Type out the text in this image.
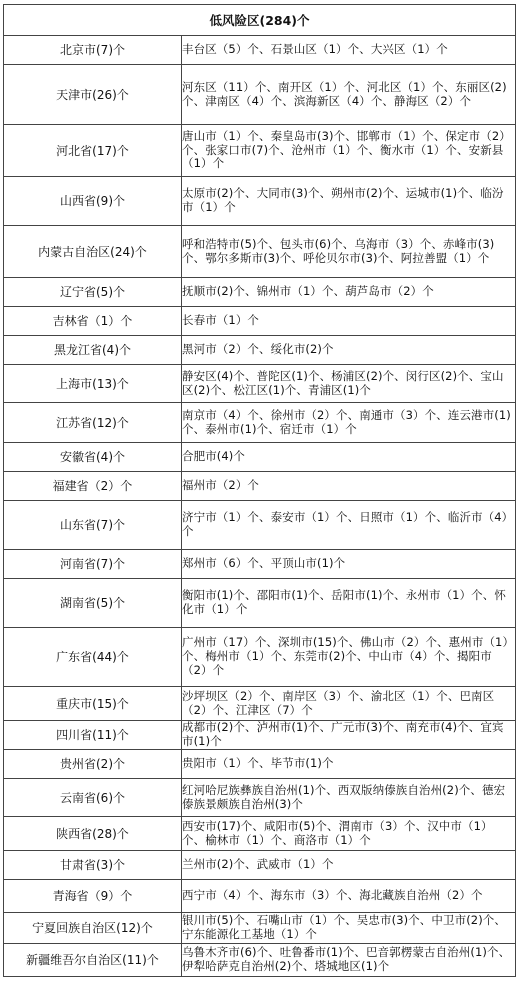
低风险区(284)个	
北京市(7)个	丰台区（5）个、石景山区（1）个、大兴区（1）个
天津市(26)个	河东区（11）个、南开区（1）个、河北区（1）个、东丽区(2)个、津南区（4）个、滨海新区（4）个、静海区（2）个
河北省(17)个	唐山市（1）个、秦皇岛市(3)个、邯郸市（1）个、保定市（2）个、张家口市(7)个、沧州市（1）个、衡水市（1）个、安新县（1）个
山西省(9)个	太原市(2)个、大同市(3)个、朔州市(2)个、运城市(1)个、临汾市（1）个
内蒙古自治区(24)个	呼和浩特市(5)个、包头市(6)个、乌海市（3）个、赤峰市(3)个、鄂尔多斯市(3)个、呼伦贝尔市(3)个、阿拉善盟（1）个
辽宁省(5)个	抚顺市(2)个、锦州市（1）个、葫芦岛市（2）个
吉林省（1）个	长春市（1）个
黑龙江省(4)个	黑河市（2）个、绥化市(2)个
上海市(13)个	静安区(4)个、普陀区(1)个、杨浦区(2)个、闵行区(2)个、宝山区(2)个、松江区(1)个、青浦区(1)个
江苏省(12)个	南京市（4）个、徐州市（2）个、南通市（3）个、连云港市(1)个、泰州市(1)个、宿迁市（1）个
安徽省(4)个	合肥市(4)个
福建省（2）个	福州市（2）个
山东省(7)个	济宁市（1）个、泰安市（1）个、日照市（1）个、临沂市（4）个
河南省(7)个	郑州市（6）个、平顶山市(1)个
湖南省(5)个	衡阳市(1)个、邵阳市(1)个、岳阳市(1)个、永州市（1）个、怀化市（1）个
广东省(44)个	广州市（17）个、深圳市(15)个、佛山市（2）个、惠州市（1）个、梅州市（1）个、东莞市(2)个、中山市（4）个、揭阳市（2）个
重庆市(15)个	沙坪坝区（2）个、南岸区（3）个、渝北区（1）个、巴南区（2）个、江津区（7）个
四川省(11)个	成都市(2)个、泸州市(1)个、广元市(3)个、南充市(4)个、宜宾市(1)个
贵州省(2)个	贵阳市（1）个、毕节市(1)个
云南省(6)个	红河哈尼族彝族自治州(1)个、西双版纳傣族自治州(2)个、德宏傣族景颇族自治州(3)个
陕西省(28)个	西安市(17)个、咸阳市(5)个、渭南市（3）个、汉中市（1）个、榆林市（1）个、商洛市（1）个
甘肃省(3)个	兰州市(2)个、武威市（1）个
青海省（9）个	西宁市（4）个、海东市（3）个、海北藏族自治州（2）个
宁夏回族自治区(12)个	银川市(5)个、石嘴山市（1）个、吴忠市(3)个、中卫市(2)个、宁东能源化工基地（1）个
新疆维吾尔自治区(11)个	乌鲁木齐市(6)个、吐鲁番市(1)个、巴音郭楞蒙古自治州(1)个、伊犁哈萨克自治州(2)个、塔城地区(1)个
